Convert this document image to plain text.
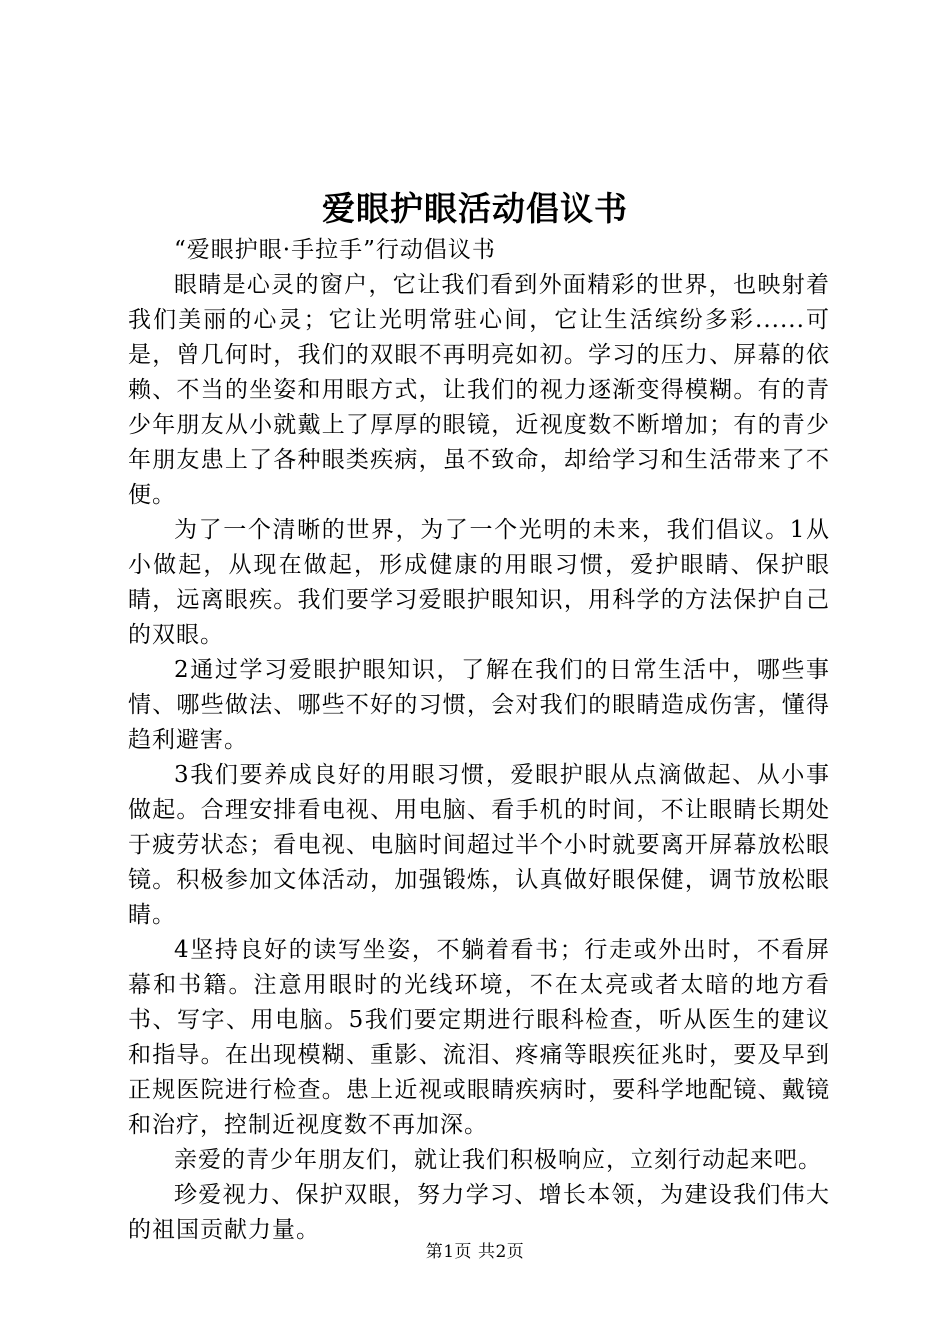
爱眼护眼活动倡议书

“爱眼护眼·手拉手”行动倡议书

眼睛是心灵的窗户，它让我们看到外面精彩的世界，也映射着我们美丽的心灵；它让光明常驻心间，它让生活缤纷多彩......可是，曾几何时，我们的双眼不再明亮如初。学习的压力、屏幕的依赖、不当的坐姿和用眼方式，让我们的视力逐渐变得模糊。有的青少年朋友从小就戴上了厚厚的眼镜，近视度数不断增加；有的青少年朋友患上了各种眼类疾病，虽不致命，却给学习和生活带来了不便。

为了一个清晰的世界，为了一个光明的未来，我们倡议。1从小做起，从现在做起，形成健康的用眼习惯，爱护眼睛、保护眼睛，远离眼疾。我们要学习爱眼护眼知识，用科学的方法保护自己的双眼。

2通过学习爱眼护眼知识，了解在我们的日常生活中，哪些事情、哪些做法、哪些不好的习惯，会对我们的眼睛造成伤害，懂得趋利避害。

3我们要养成良好的用眼习惯，爱眼护眼从点滴做起、从小事做起。合理安排看电视、用电脑、看手机的时间，不让眼睛长期处于疲劳状态；看电视、电脑时间超过半个小时就要离开屏幕放松眼镜。积极参加文体活动，加强锻炼，认真做好眼保健，调节放松眼睛。

4坚持良好的读写坐姿，不躺着看书；行走或外出时，不看屏幕和书籍。注意用眼时的光线环境，不在太亮或者太暗的地方看书、写字、用电脑。5我们要定期进行眼科检查，听从医生的建议和指导。在出现模糊、重影、流泪、疼痛等眼疾征兆时，要及早到正规医院进行检查。患上近视或眼睛疾病时，要科学地配镜、戴镜和治疗，控制近视度数不再加深。

亲爱的青少年朋友们，就让我们积极响应，立刻行动起来吧。

珍爱视力、保护双眼，努力学习、增长本领，为建设我们伟大的祖国贡献力量。

第1页 共2页
